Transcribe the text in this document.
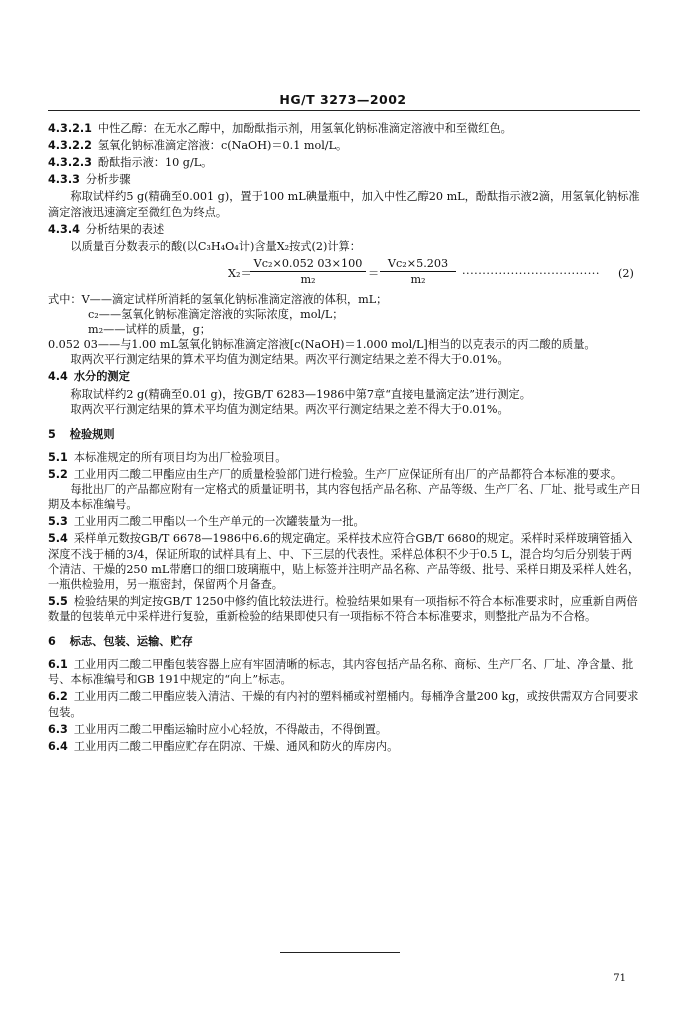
HG/T 3273—2002

4.3.2.1 中性乙醇：在无水乙醇中，加酚酞指示剂，用氢氧化钠标准滴定溶液中和至微红色。

4.3.2.2 氢氧化钠标准滴定溶液：c(NaOH)＝0.1 mol/L。

4.3.2.3 酚酞指示液：10 g/L。

4.3.3 分析步骤

称取试样约5 g(精确至0.001 g)，置于100 mL碘量瓶中，加入中性乙醇20 mL，酚酞指示液2滴，用氢氧化钠标准滴定溶液迅速滴定至微红色为终点。

4.3.4 分析结果的表述

以质量百分数表示的酸(以C₃H₄O₄计)含量X₂按式(2)计算：

X₂＝
$\frac{\text{Vc₂×0.052 03×100}}{\text{m₂}} = \frac{\text{Vc₂×5.203}}{\text{m₂}}$ ·································· (2)

式中：V——滴定试样所消耗的氢氧化钠标准滴定溶液的体积，mL；

c₂——氢氧化钠标准滴定溶液的实际浓度，mol/L；

m₂——试样的质量，g；

0.052 03——与1.00 mL氢氧化钠标准滴定溶液[c(NaOH)＝1.000 mol/L]相当的以克表示的丙二酸的质量。

取两次平行测定结果的算术平均值为测定结果。两次平行测定结果之差不得大于0.01%。

4.4 水分的测定

称取试样约2 g(精确至0.01 g)，按GB/T 6283—1986中第7章“直接电量滴定法”进行测定。

取两次平行测定结果的算术平均值为测定结果。两次平行测定结果之差不得大于0.01%。

5 检验规则

5.1 本标准规定的所有项目均为出厂检验项目。

5.2 工业用丙二酸二甲酯应由生产厂的质量检验部门进行检验。生产厂应保证所有出厂的产品都符合本标准的要求。

每批出厂的产品都应附有一定格式的质量证明书，其内容包括产品名称、产品等级、生产厂名、厂址、批号或生产日期及本标准编号。

5.3 工业用丙二酸二甲酯以一个生产单元的一次罐装量为一批。

5.4 采样单元数按GB/T 6678—1986中6.6的规定确定。采样技术应符合GB/T 6680的规定。采样时采样玻璃管插入深度不浅于桶的3/4，保证所取的试样具有上、中、下三层的代表性。采样总体积不少于0.5 L，混合均匀后分别装于两个清洁、干燥的250 mL带磨口的细口玻璃瓶中，贴上标签并注明产品名称、产品等级、批号、采样日期及采样人姓名，一瓶供检验用，另一瓶密封，保留两个月备查。

5.5 检验结果的判定按GB/T 1250中修约值比较法进行。检验结果如果有一项指标不符合本标准要求时，应重新自两倍数量的包装单元中采样进行复验，重新检验的结果即使只有一项指标不符合本标准要求，则整批产品为不合格。

6 标志、包装、运输、贮存

6.1 工业用丙二酸二甲酯包装容器上应有牢固清晰的标志，其内容包括产品名称、商标、生产厂名、厂址、净含量、批号、本标准编号和GB 191中规定的“向上”标志。

6.2 工业用丙二酸二甲酯应装入清洁、干燥的有内衬的塑料桶或衬塑桶内。每桶净含量200 kg，或按供需双方合同要求包装。

6.3 工业用丙二酸二甲酯运输时应小心轻放，不得敲击，不得倒置。

6.4 工业用丙二酸二甲酯应贮存在阴凉、干燥、通风和防火的库房内。

71
